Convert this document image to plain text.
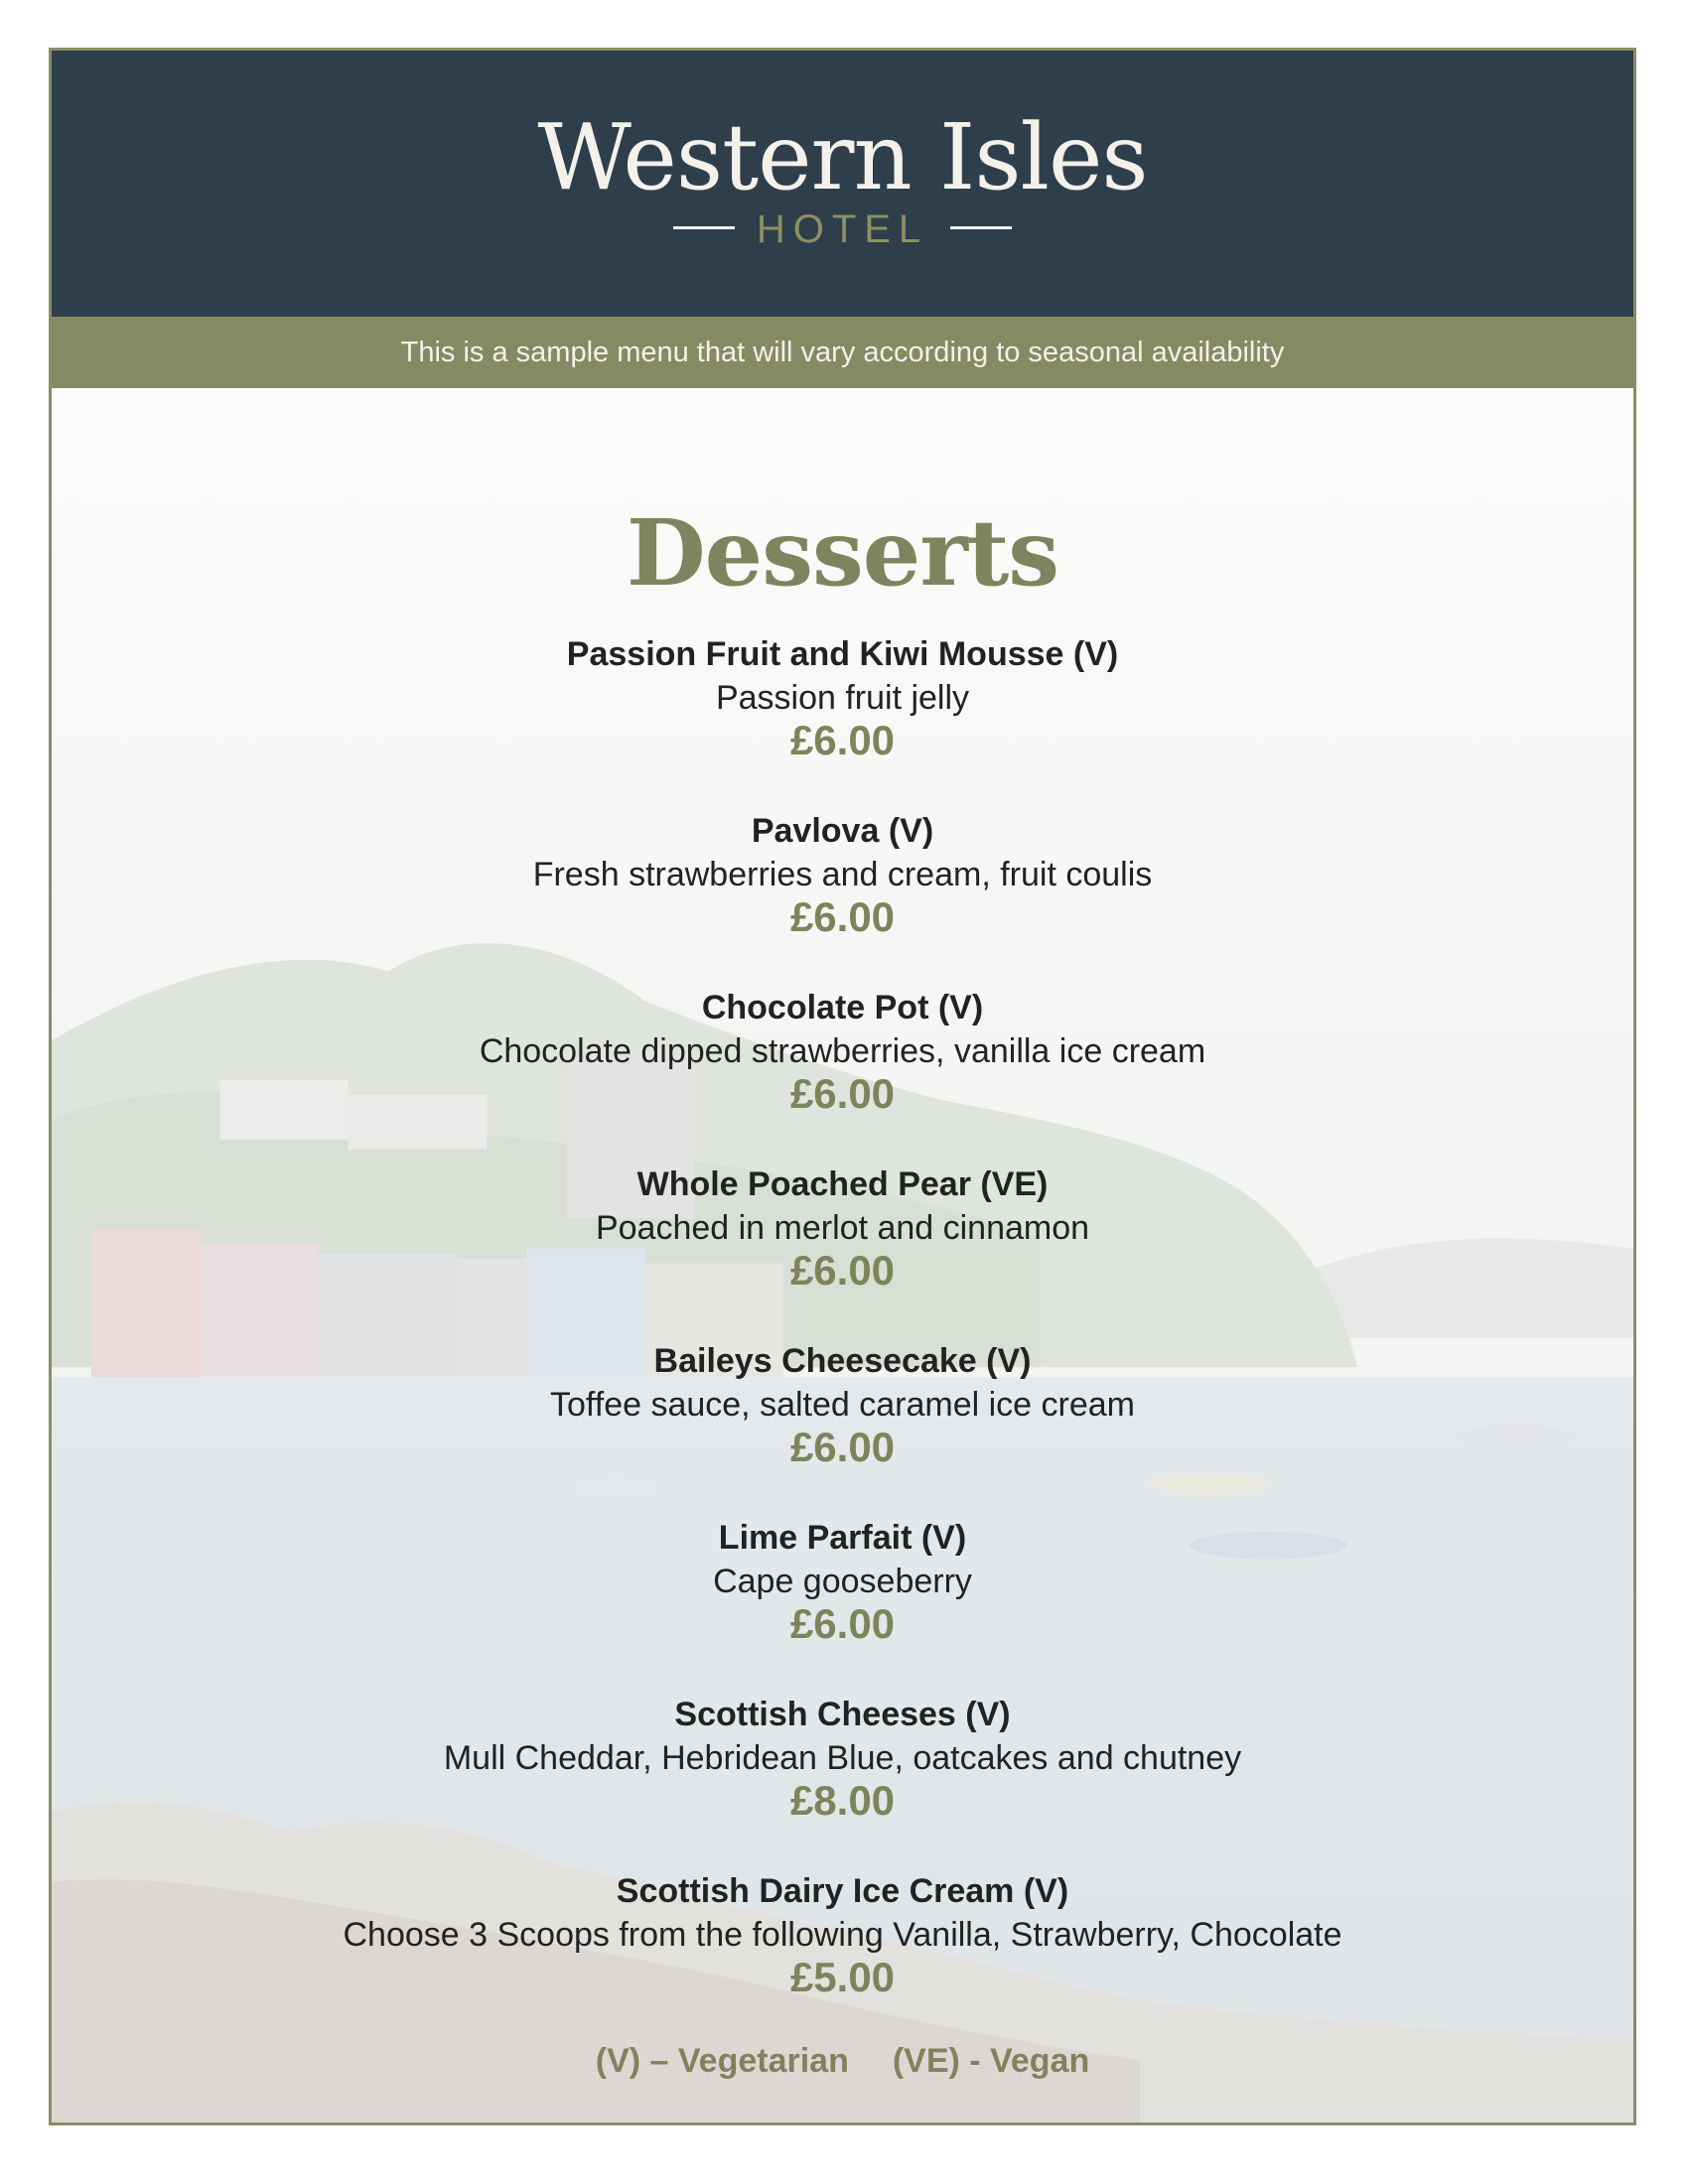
Western Isles
HOTEL
This is a sample menu that will vary according to seasonal availability
Desserts
Passion Fruit and Kiwi Mousse (V)
Passion fruit jelly
£6.00
Pavlova (V)
Fresh strawberries and cream, fruit coulis
£6.00
Chocolate Pot (V)
Chocolate dipped strawberries, vanilla ice cream
£6.00
Whole Poached Pear (VE)
Poached in merlot and cinnamon
£6.00
Baileys Cheesecake (V)
Toffee sauce, salted caramel ice cream
£6.00
Lime Parfait (V)
Cape gooseberry
£6.00
Scottish Cheeses (V)
Mull Cheddar, Hebridean Blue, oatcakes and chutney
£8.00
Scottish Dairy Ice Cream (V)
Choose 3 Scoops from the following Vanilla, Strawberry, Chocolate
£5.00
(V) – Vegetarian (VE) - Vegan
